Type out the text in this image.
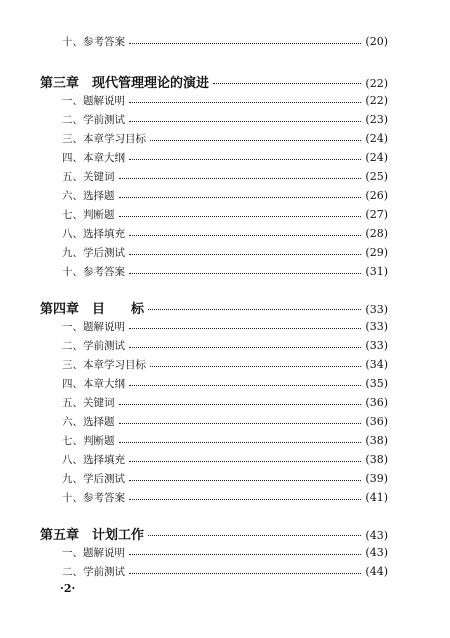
十、参考答案	(20)
第三章　现代管理理论的演进	(22)
一、题解说明	(22)
二、学前测试	(23)
三、本章学习目标	(24)
四、本章大纲	(24)
五、关键词	(25)
六、选择题	(26)
七、判断题	(27)
八、选择填充	(28)
九、学后测试	(29)
十、参考答案	(31)
第四章　目　　标	(33)
一、题解说明	(33)
二、学前测试	(33)
三、本章学习目标	(34)
四、本章大纲	(35)
五、关键词	(36)
六、选择题	(36)
七、判断题	(38)
八、选择填充	(38)
九、学后测试	(39)
十、参考答案	(41)
第五章　计划工作	(43)
一、题解说明	(43)
二、学前测试	(44)
·2·
